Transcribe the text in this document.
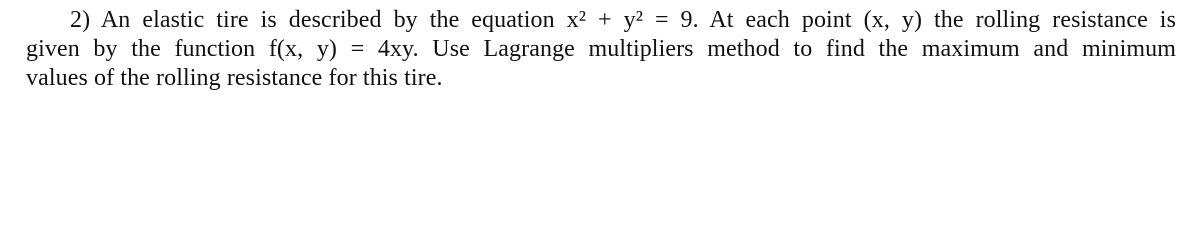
2) An elastic tire is described by the equation x² + y² = 9. At each point (x, y) the rolling resistance is
given by the function f(x, y) = 4xy. Use Lagrange multipliers method to find the maximum and minimum
values of the rolling resistance for this tire.
